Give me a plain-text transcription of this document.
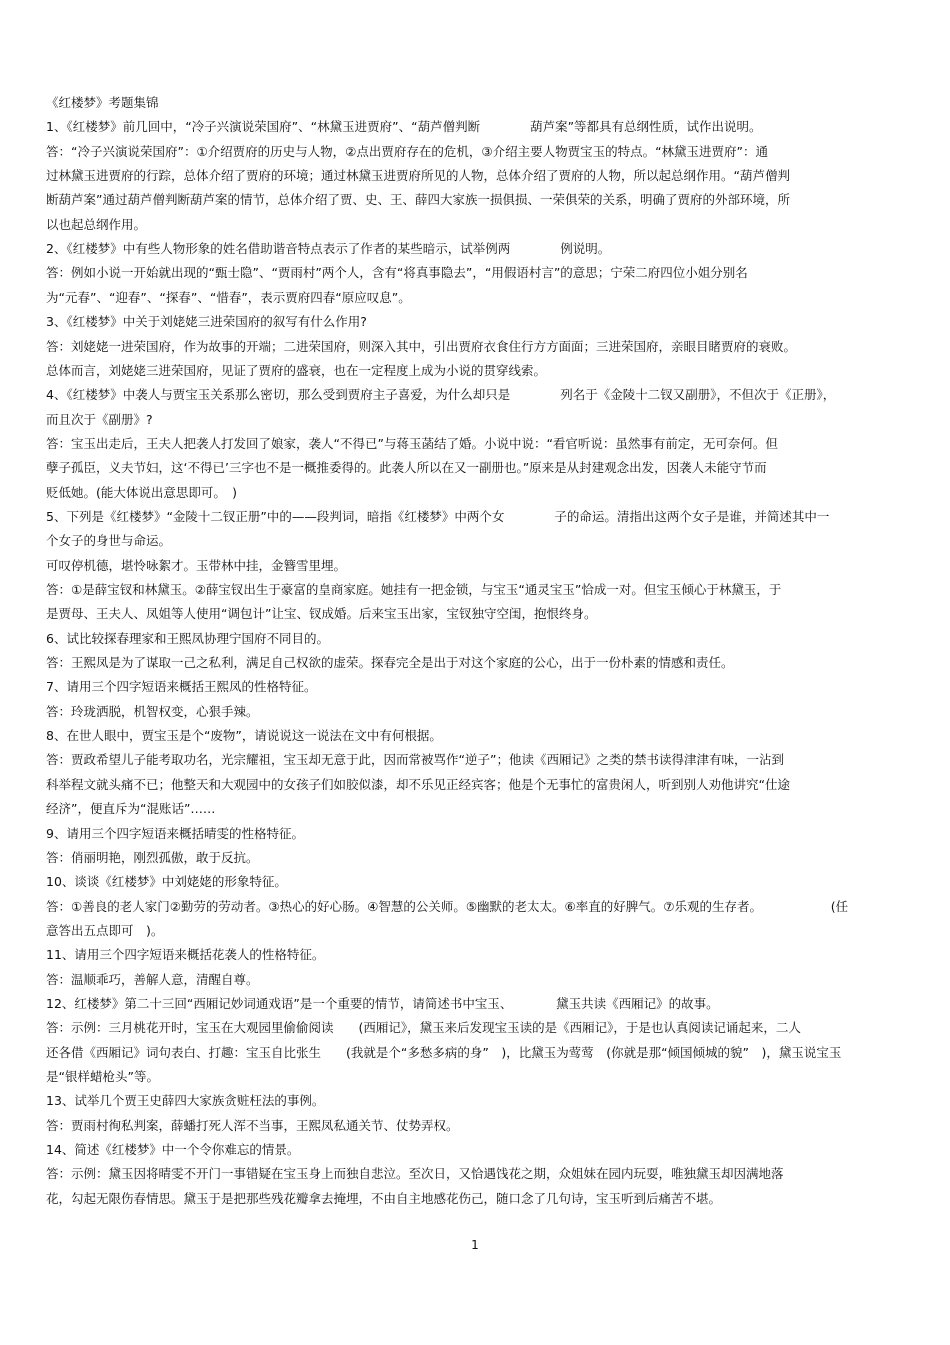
《红楼梦》考题集锦
1、《红楼梦》前几回中，“冷子兴演说荣国府”、“林黛玉进贾府”、“葫芦僧判断　　　　葫芦案”等都具有总纲性质，试作出说明。
答：“冷子兴演说荣国府”：①介绍贾府的历史与人物，②点出贾府存在的危机，③介绍主要人物贾宝玉的特点。“林黛玉进贾府”：通
过林黛玉进贾府的行踪，总体介绍了贾府的环境；通过林黛玉进贾府所见的人物，总体介绍了贾府的人物，所以起总纲作用。“葫芦僧判
断葫芦案”通过葫芦僧判断葫芦案的情节，总体介绍了贾、史、王、薛四大家族一损俱损、一荣俱荣的关系，明确了贾府的外部环境，所
以也起总纲作用。
2、《红楼梦》中有些人物形象的姓名借助谐音特点表示了作者的某些暗示，试举例两　　　　例说明。
答：例如小说一开始就出现的“甄士隐”、“贾雨村”两个人，含有“将真事隐去”，“用假语村言”的意思；宁荣二府四位小姐分别名
为“元春”、“迎春”、“探春”、“惜春”，表示贾府四春“原应叹息”。
3、《红楼梦》中关于刘姥姥三进荣国府的叙写有什么作用?
答：刘姥姥一进荣国府，作为故事的开端；二进荣国府，则深入其中，引出贾府衣食住行方方面面；三进荣国府，亲眼目睹贾府的衰败。
总体而言，刘姥姥三进荣国府，见证了贾府的盛衰，也在一定程度上成为小说的贯穿线索。
4、《红楼梦》中袭人与贾宝玉关系那么密切，那么受到贾府主子喜爱，为什么却只是　　　　列名于《金陵十二钗又副册》，不但次于《正册》，
而且次于《副册》?
答：宝玉出走后，王夫人把袭人打发回了娘家，袭人“不得已”与蒋玉菡结了婚。小说中说：“看官听说：虽然事有前定，无可奈何。但
孽子孤臣，义夫节妇，这‘不得已’三字也不是一概推委得的。此袭人所以在又一副册也。”原来是从封建观念出发，因袭人未能守节而
贬低她。(能大体说出意思即可。　)
5、下列是《红楼梦》“金陵十二钗正册”中的——段判词，暗指《红楼梦》中两个女　　　　子的命运。清指出这两个女子是谁，并简述其中一
个女子的身世与命运。
可叹停机德，堪怜咏絮才。玉带林中挂，金簪雪里埋。
答：①是薛宝钗和林黛玉。②薛宝钗出生于豪富的皇商家庭。她挂有一把金锁，与宝玉“通灵宝玉”恰成一对。但宝玉倾心于林黛玉，于
是贾母、王夫人、凤姐等人使用“调包计”让宝、钗成婚。后来宝玉出家，宝钗独守空闺，抱恨终身。
6、试比较探春理家和王熙凤协理宁国府不同目的。
答：王熙凤是为了谋取一己之私利，满足自己权欲的虚荣。探春完全是出于对这个家庭的公心，出于一份朴素的情感和责任。
7、请用三个四字短语来概括王熙凤的性格特征。
答：玲珑洒脱，机智权变，心狠手辣。
8、在世人眼中，贾宝玉是个“废物”，请说说这一说法在文中有何根据。
答：贾政希望儿子能考取功名，光宗耀祖，宝玉却无意于此，因而常被骂作“逆子”；他读《西厢记》之类的禁书读得津津有味，一沾到
科举程文就头痛不已；他整天和大观园中的女孩子们如胶似漆，却不乐见正经宾客；他是个无事忙的富贵闲人，听到别人劝他讲究“仕途
经济”，便直斥为“混账话”……
9、请用三个四字短语来概括晴雯的性格特征。
答：俏丽明艳，刚烈孤傲，敢于反抗。
10、谈谈《红楼梦》中刘姥姥的形象特征。
答：①善良的老人家门②勤劳的劳动者。③热心的好心肠。④智慧的公关师。⑤幽默的老太太。⑥率直的好脾气。⑦乐观的生存者。　　　　　　(任
意答出五点即可　)。
11、请用三个四字短语来概括花袭人的性格特征。
答：温顺乖巧，善解人意，清醒自尊。
12、红楼梦》第二十三回“西厢记妙词通戏语”是一个重要的情节，请简述书中宝玉、　　　　黛玉共读《西厢记》的故事。
答：示例：三月桃花开时，宝玉在大观园里偷偷阅读　　(西厢记》，黛玉来后发现宝玉读的是《西厢记》，于是也认真阅读记诵起来，二人
还各借《西厢记》词句表白、打趣：宝玉自比张生　　(我就是个“多愁多病的身”　)，比黛玉为莺莺　(你就是那“倾国倾城的貌”　)，黛玉说宝玉
是“银样蜡枪头”等。
13、试举几个贾王史薛四大家族贪赃枉法的事例。
答：贾雨村徇私判案，薛蟠打死人浑不当事，王熙凤私通关节、仗势弄权。
14、简述《红楼梦》中一个令你难忘的情景。
答：示例：黛玉因将晴雯不开门一事错疑在宝玉身上而独自悲泣。至次日，又恰遇饯花之期，众姐妹在园内玩耍，唯独黛玉却因满地落
花，勾起无限伤春情思。黛玉于是把那些残花瓣拿去掩埋，不由自主地感花伤己，随口念了几句诗，宝玉听到后痛苦不堪。
1
